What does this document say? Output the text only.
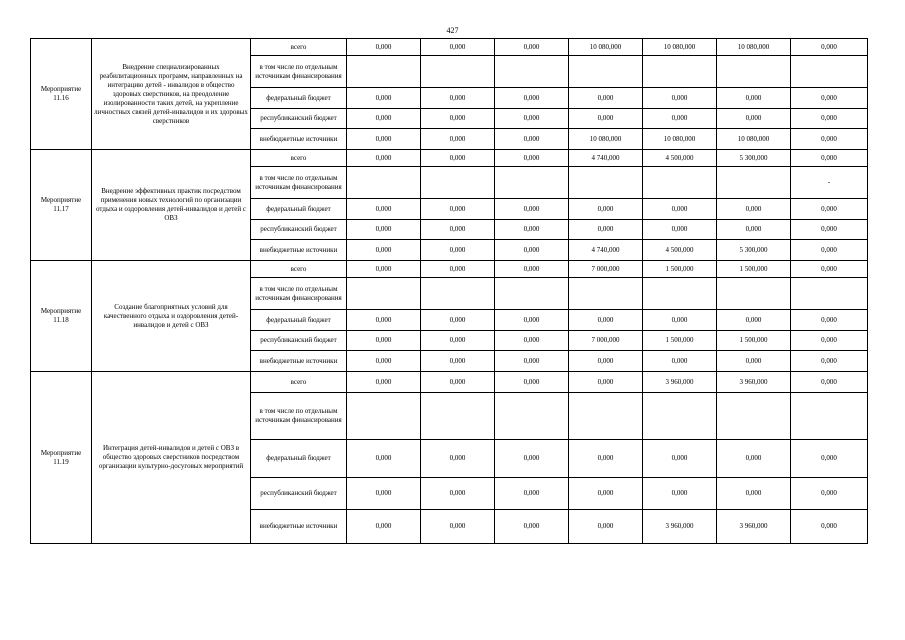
427
Мероприятие 11.16	Внедрение специализированных реабилитационных программ, направленных на интеграцию детей - инвалидов в общество здоровых сверстников, на преодоление изолированности таких детей, на укрепление личностных связей детей-инвалидов и их здоровых сверстников	всего	0,000	0,000	0,000	10 080,000	10 080,000	10 080,000	0,000
		в том числе по отдельным источникам финансирования							
		федеральный бюджет	0,000	0,000	0,000	0,000	0,000	0,000	0,000
		республиканский бюджет	0,000	0,000	0,000	0,000	0,000	0,000	0,000
		внебюджетные источники	0,000	0,000	0,000	10 080,000	10 080,000	10 080,000	0,000
Мероприятие 11.17	Внедрение эффективных практик посредством применения новых технологий по организации отдыха и оздоровления детей-инвалидов и детей с ОВЗ	всего	0,000	0,000	0,000	4 740,000	4 500,000	5 300,000	0,000
		в том числе по отдельным источникам финансирования							-
		федеральный бюджет	0,000	0,000	0,000	0,000	0,000	0,000	0,000
		республиканский бюджет	0,000	0,000	0,000	0,000	0,000	0,000	0,000
		внебюджетные источники	0,000	0,000	0,000	4 740,000	4 500,000	5 300,000	0,000
Мероприятие 11.18	Создание благоприятных условий для качественного отдыха и оздоровления детей-инвалидов и детей с ОВЗ	всего	0,000	0,000	0,000	7 000,000	1 500,000	1 500,000	0,000
		в том числе по отдельным источникам финансирования							
		федеральный бюджет	0,000	0,000	0,000	0,000	0,000	0,000	0,000
		республиканский бюджет	0,000	0,000	0,000	7 000,000	1 500,000	1 500,000	0,000
		внебюджетные источники	0,000	0,000	0,000	0,000	0,000	0,000	0,000
Мероприятие 11.19	Интеграция детей-инвалидов и детей с ОВЗ в общество здоровых сверстников посредством организации культурно-досуговых мероприятий	всего	0,000	0,000	0,000	0,000	3 960,000	3 960,000	0,000
		в том числе по отдельным источникам финансирования							
		федеральный бюджет	0,000	0,000	0,000	0,000	0,000	0,000	0,000
		республиканский бюджет	0,000	0,000	0,000	0,000	0,000	0,000	0,000
		внебюджетные источники	0,000	0,000	0,000	0,000	3 960,000	3 960,000	0,000
